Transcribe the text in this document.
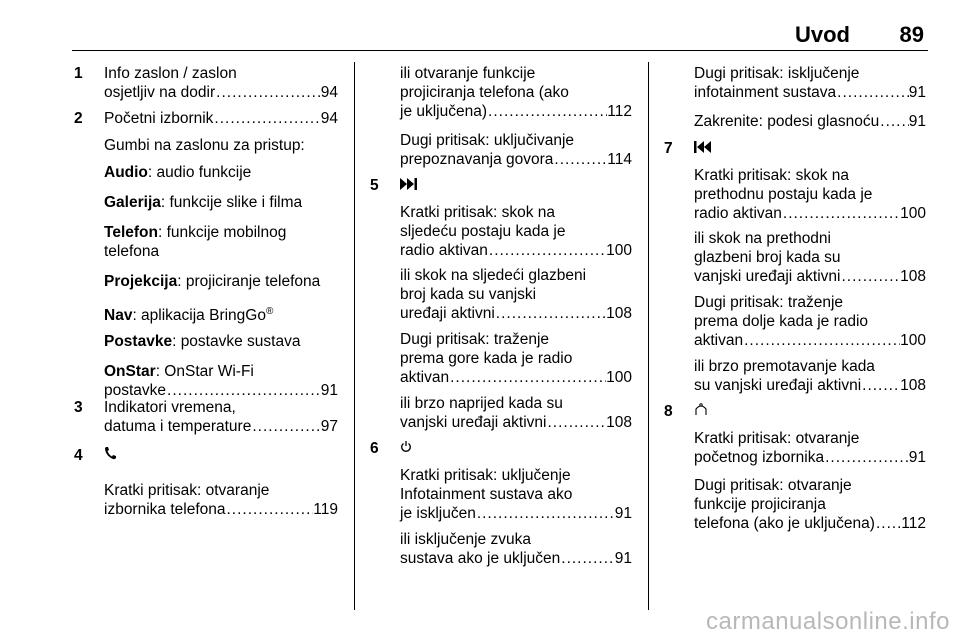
Uvod 89
1 Info zaslon / zaslon
osjetljiv na dodir .....	94
2 Početni izbornik .....	94
Gumbi na zaslonu za pristup:
Audio: audio funkcije
Galerija: funkcije slike i filma
Telefon: funkcije mobilnog
telefona
Projekcija: projiciranje telefona
Nav: aplikacija BringGo®
Postavke: postavke sustava
OnStar: OnStar Wi-Fi
postavke .....	91
3 Indikatori vremena,
datuma i temperature .....	97
4
Kratki pritisak: otvaranje
izbornika telefona .....	119
ili otvaranje funkcije
projiciranja telefona (ako
je uključena) .....	112
Dugi pritisak: uključivanje
prepoznavanja govora .....	114
5
Kratki pritisak: skok na
sljedeću postaju kada je
radio aktivan .....	100
ili skok na sljedeći glazbeni
broj kada su vanjski
uređaji aktivni .....	108
Dugi pritisak: traženje
prema gore kada je radio
aktivan .....	100
ili brzo naprijed kada su
vanjski uređaji aktivni .....	108
6
Kratki pritisak: uključenje
Infotainment sustava ako
je isključen .....	91
ili isključenje zvuka
sustava ako je uključen .....	91
Dugi pritisak: isključenje
infotainment sustava .....	91
Zakrenite: podesi glasnoću ..... 91
7
Kratki pritisak: skok na
prethodnu postaju kada je
radio aktivan .....	100
ili skok na prethodni
glazbeni broj kada su
vanjski uređaji aktivni .....	108
Dugi pritisak: traženje
prema dolje kada je radio
aktivan .....	100
ili brzo premotavanje kada
su vanjski uređaji aktivni .....	108
8
Kratki pritisak: otvaranje
početnog izbornika .....	91
Dugi pritisak: otvaranje
funkcije projiciranja
telefona (ako je uključena) ..... 112
carmanualsonline.info
